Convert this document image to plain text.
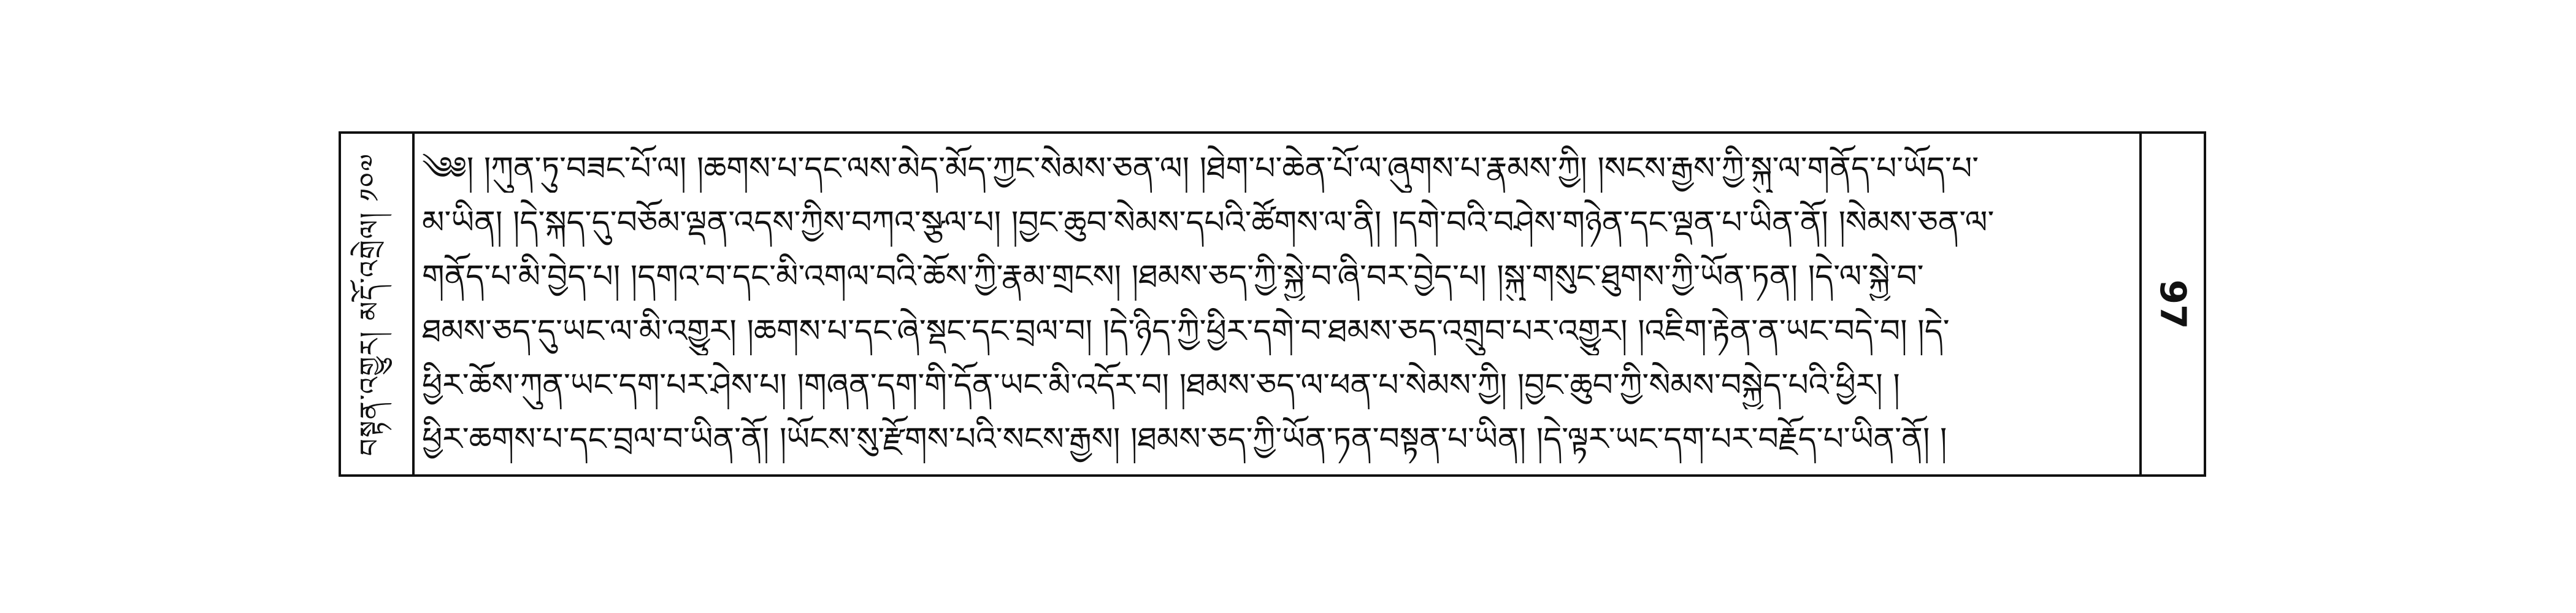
བསྟན་འགྱུར། མདོ་འགྲེལ། ༡༠༧	༄༅། །ཀུན་ཏུ་བཟང་པོ་ལ། །ཆགས་པ་དང་ལས་མེད་མོད་ཀྱང་སེམས་ཅན་ལ། །ཐེག་པ་ཆེན་པོ་ལ་ཞུགས་པ་རྣམས་ཀྱི། །སངས་རྒྱས་ཀྱི་སྐུ་ལ་གནོད་པ་ཡོད་པ་
མ་ཡིན། །དེ་སྐད་དུ་བཅོམ་ལྡན་འདས་ཀྱིས་བཀའ་སྩལ་པ། །བྱང་ཆུབ་སེམས་དཔའི་ཚོགས་ལ་ནི། །དགེ་བའི་བཤེས་གཉེན་དང་ལྡན་པ་ཡིན་ནོ། །སེམས་ཅན་ལ་
གནོད་པ་མི་བྱེད་པ། །དགའ་བ་དང་མི་འགལ་བའི་ཆོས་ཀྱི་རྣམ་གྲངས། །ཐམས་ཅད་ཀྱི་སྐྱེ་བ་ཞི་བར་བྱེད་པ། །སྐུ་གསུང་ཐུགས་ཀྱི་ཡོན་ཏན། །དེ་ལ་སྐྱེ་བ་
ཐམས་ཅད་དུ་ཡང་ལ་མི་འགྱུར། །ཆགས་པ་དང་ཞེ་སྡང་དང་བྲལ་བ། །དེ་ཉིད་ཀྱི་ཕྱིར་དགེ་བ་ཐམས་ཅད་འགྲུབ་པར་འགྱུར། །འཇིག་རྟེན་ན་ཡང་བདེ་བ། །དེ་
ཕྱིར་ཆོས་ཀུན་ཡང་དག་པར་ཤེས་པ། །གཞན་དག་གི་དོན་ཡང་མི་འདོར་བ། །ཐམས་ཅད་ལ་ཕན་པ་སེམས་ཀྱི། །བྱང་ཆུབ་ཀྱི་སེམས་བསྐྱེད་པའི་ཕྱིར། །
ཕྱིར་ཆགས་པ་དང་བྲལ་བ་ཡིན་ནོ། །ཡོངས་སུ་རྫོགས་པའི་སངས་རྒྱས། །ཐམས་ཅད་ཀྱི་ཡོན་ཏན་བསྟན་པ་ཡིན། །དེ་ལྟར་ཡང་དག་པར་བརྗོད་པ་ཡིན་ནོ། །
97
